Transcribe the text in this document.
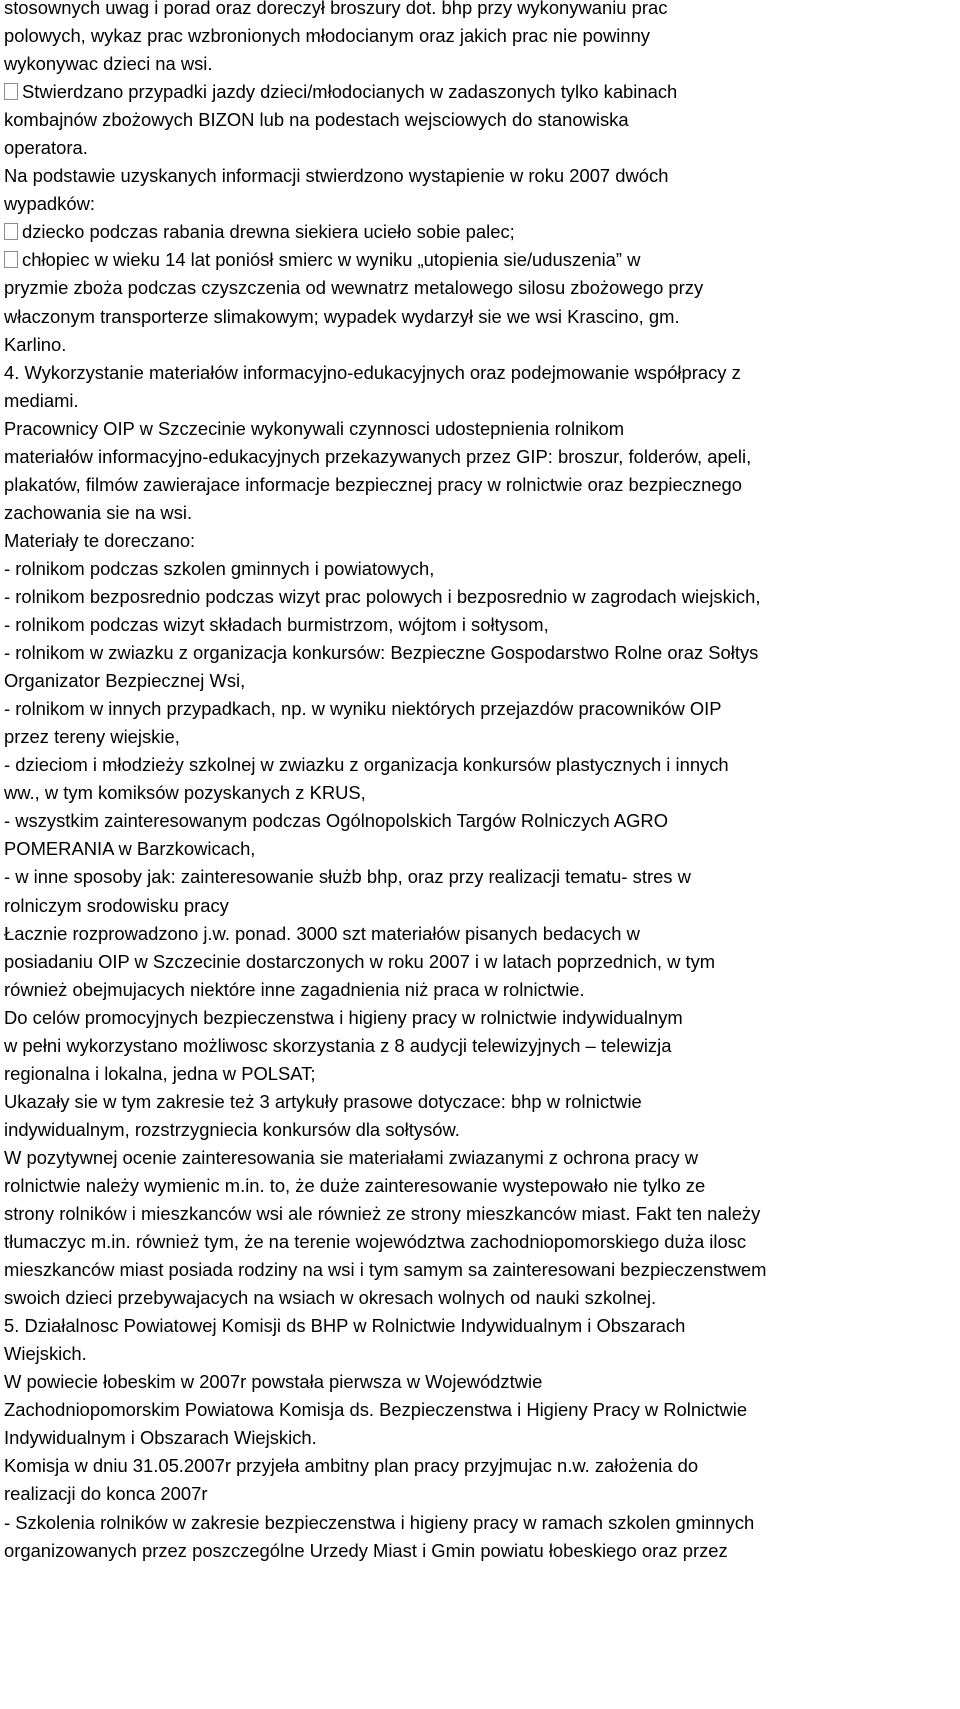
stosownych uwag i porad oraz doreczył broszury dot. bhp przy wykonywaniu prac
polowych, wykaz prac wzbronionych młodocianym oraz jakich prac nie powinny
wykonywac dzieci na wsi.
Stwierdzano przypadki jazdy dzieci/młodocianych w zadaszonych tylko kabinach
kombajnów zbożowych BIZON lub na podestach wejsciowych do stanowiska
operatora.
Na podstawie uzyskanych informacji stwierdzono wystapienie w roku 2007 dwóch
wypadków:
dziecko podczas rabania drewna siekiera ucieło sobie palec;
chłopiec w wieku 14 lat poniósł smierc w wyniku „utopienia sie/uduszenia” w
pryzmie zboża podczas czyszczenia od wewnatrz metalowego silosu zbożowego przy
właczonym transporterze slimakowym; wypadek wydarzył sie we wsi Krascino, gm.
Karlino.
4. Wykorzystanie materiałów informacyjno-edukacyjnych oraz podejmowanie współpracy z
mediami.
Pracownicy OIP w Szczecinie wykonywali czynnosci udostepnienia rolnikom
materiałów informacyjno-edukacyjnych przekazywanych przez GIP: broszur, folderów, apeli,
plakatów, filmów zawierajace informacje bezpiecznej pracy w rolnictwie oraz bezpiecznego
zachowania sie na wsi.
Materiały te doreczano:
- rolnikom podczas szkolen gminnych i powiatowych,
- rolnikom bezposrednio podczas wizyt prac polowych i bezposrednio w zagrodach wiejskich,
- rolnikom podczas wizyt składach burmistrzom, wójtom i sołtysom,
- rolnikom w zwiazku z organizacja konkursów: Bezpieczne Gospodarstwo Rolne oraz Sołtys
Organizator Bezpiecznej Wsi,
- rolnikom w innych przypadkach, np. w wyniku niektórych przejazdów pracowników OIP
przez tereny wiejskie,
- dzieciom i młodzieży szkolnej w zwiazku z organizacja konkursów plastycznych i innych
ww., w tym komiksów pozyskanych z KRUS,
- wszystkim zainteresowanym podczas Ogólnopolskich Targów Rolniczych AGRO
POMERANIA w Barzkowicach,
- w inne sposoby jak: zainteresowanie służb bhp, oraz przy realizacji tematu- stres w
rolniczym srodowisku pracy
Łacznie rozprowadzono j.w. ponad. 3000 szt materiałów pisanych bedacych w
posiadaniu OIP w Szczecinie dostarczonych w roku 2007 i w latach poprzednich, w tym
również obejmujacych niektóre inne zagadnienia niż praca w rolnictwie.
Do celów promocyjnych bezpieczenstwa i higieny pracy w rolnictwie indywidualnym
w pełni wykorzystano możliwosc skorzystania z 8 audycji telewizyjnych – telewizja
regionalna i lokalna, jedna w POLSAT;
Ukazały sie w tym zakresie też 3 artykuły prasowe dotyczace: bhp w rolnictwie
indywidualnym, rozstrzygniecia konkursów dla sołtysów.
W pozytywnej ocenie zainteresowania sie materiałami zwiazanymi z ochrona pracy w
rolnictwie należy wymienic m.in. to, że duże zainteresowanie wystepowało nie tylko ze
strony rolników i mieszkanców wsi ale również ze strony mieszkanców miast. Fakt ten należy
tłumaczyc m.in. również tym, że na terenie województwa zachodniopomorskiego duża ilosc
mieszkanców miast posiada rodziny na wsi i tym samym sa zainteresowani bezpieczenstwem
swoich dzieci przebywajacych na wsiach w okresach wolnych od nauki szkolnej.
5. Działalnosc Powiatowej Komisji ds BHP w Rolnictwie Indywidualnym i Obszarach
Wiejskich.
W powiecie łobeskim w 2007r powstała pierwsza w Województwie
Zachodniopomorskim Powiatowa Komisja ds. Bezpieczenstwa i Higieny Pracy w Rolnictwie
Indywidualnym i Obszarach Wiejskich.
Komisja w dniu 31.05.2007r przyjeła ambitny plan pracy przyjmujac n.w. założenia do
realizacji do konca 2007r
- Szkolenia rolników w zakresie bezpieczenstwa i higieny pracy w ramach szkolen gminnych
organizowanych przez poszczególne Urzedy Miast i Gmin powiatu łobeskiego oraz przez
